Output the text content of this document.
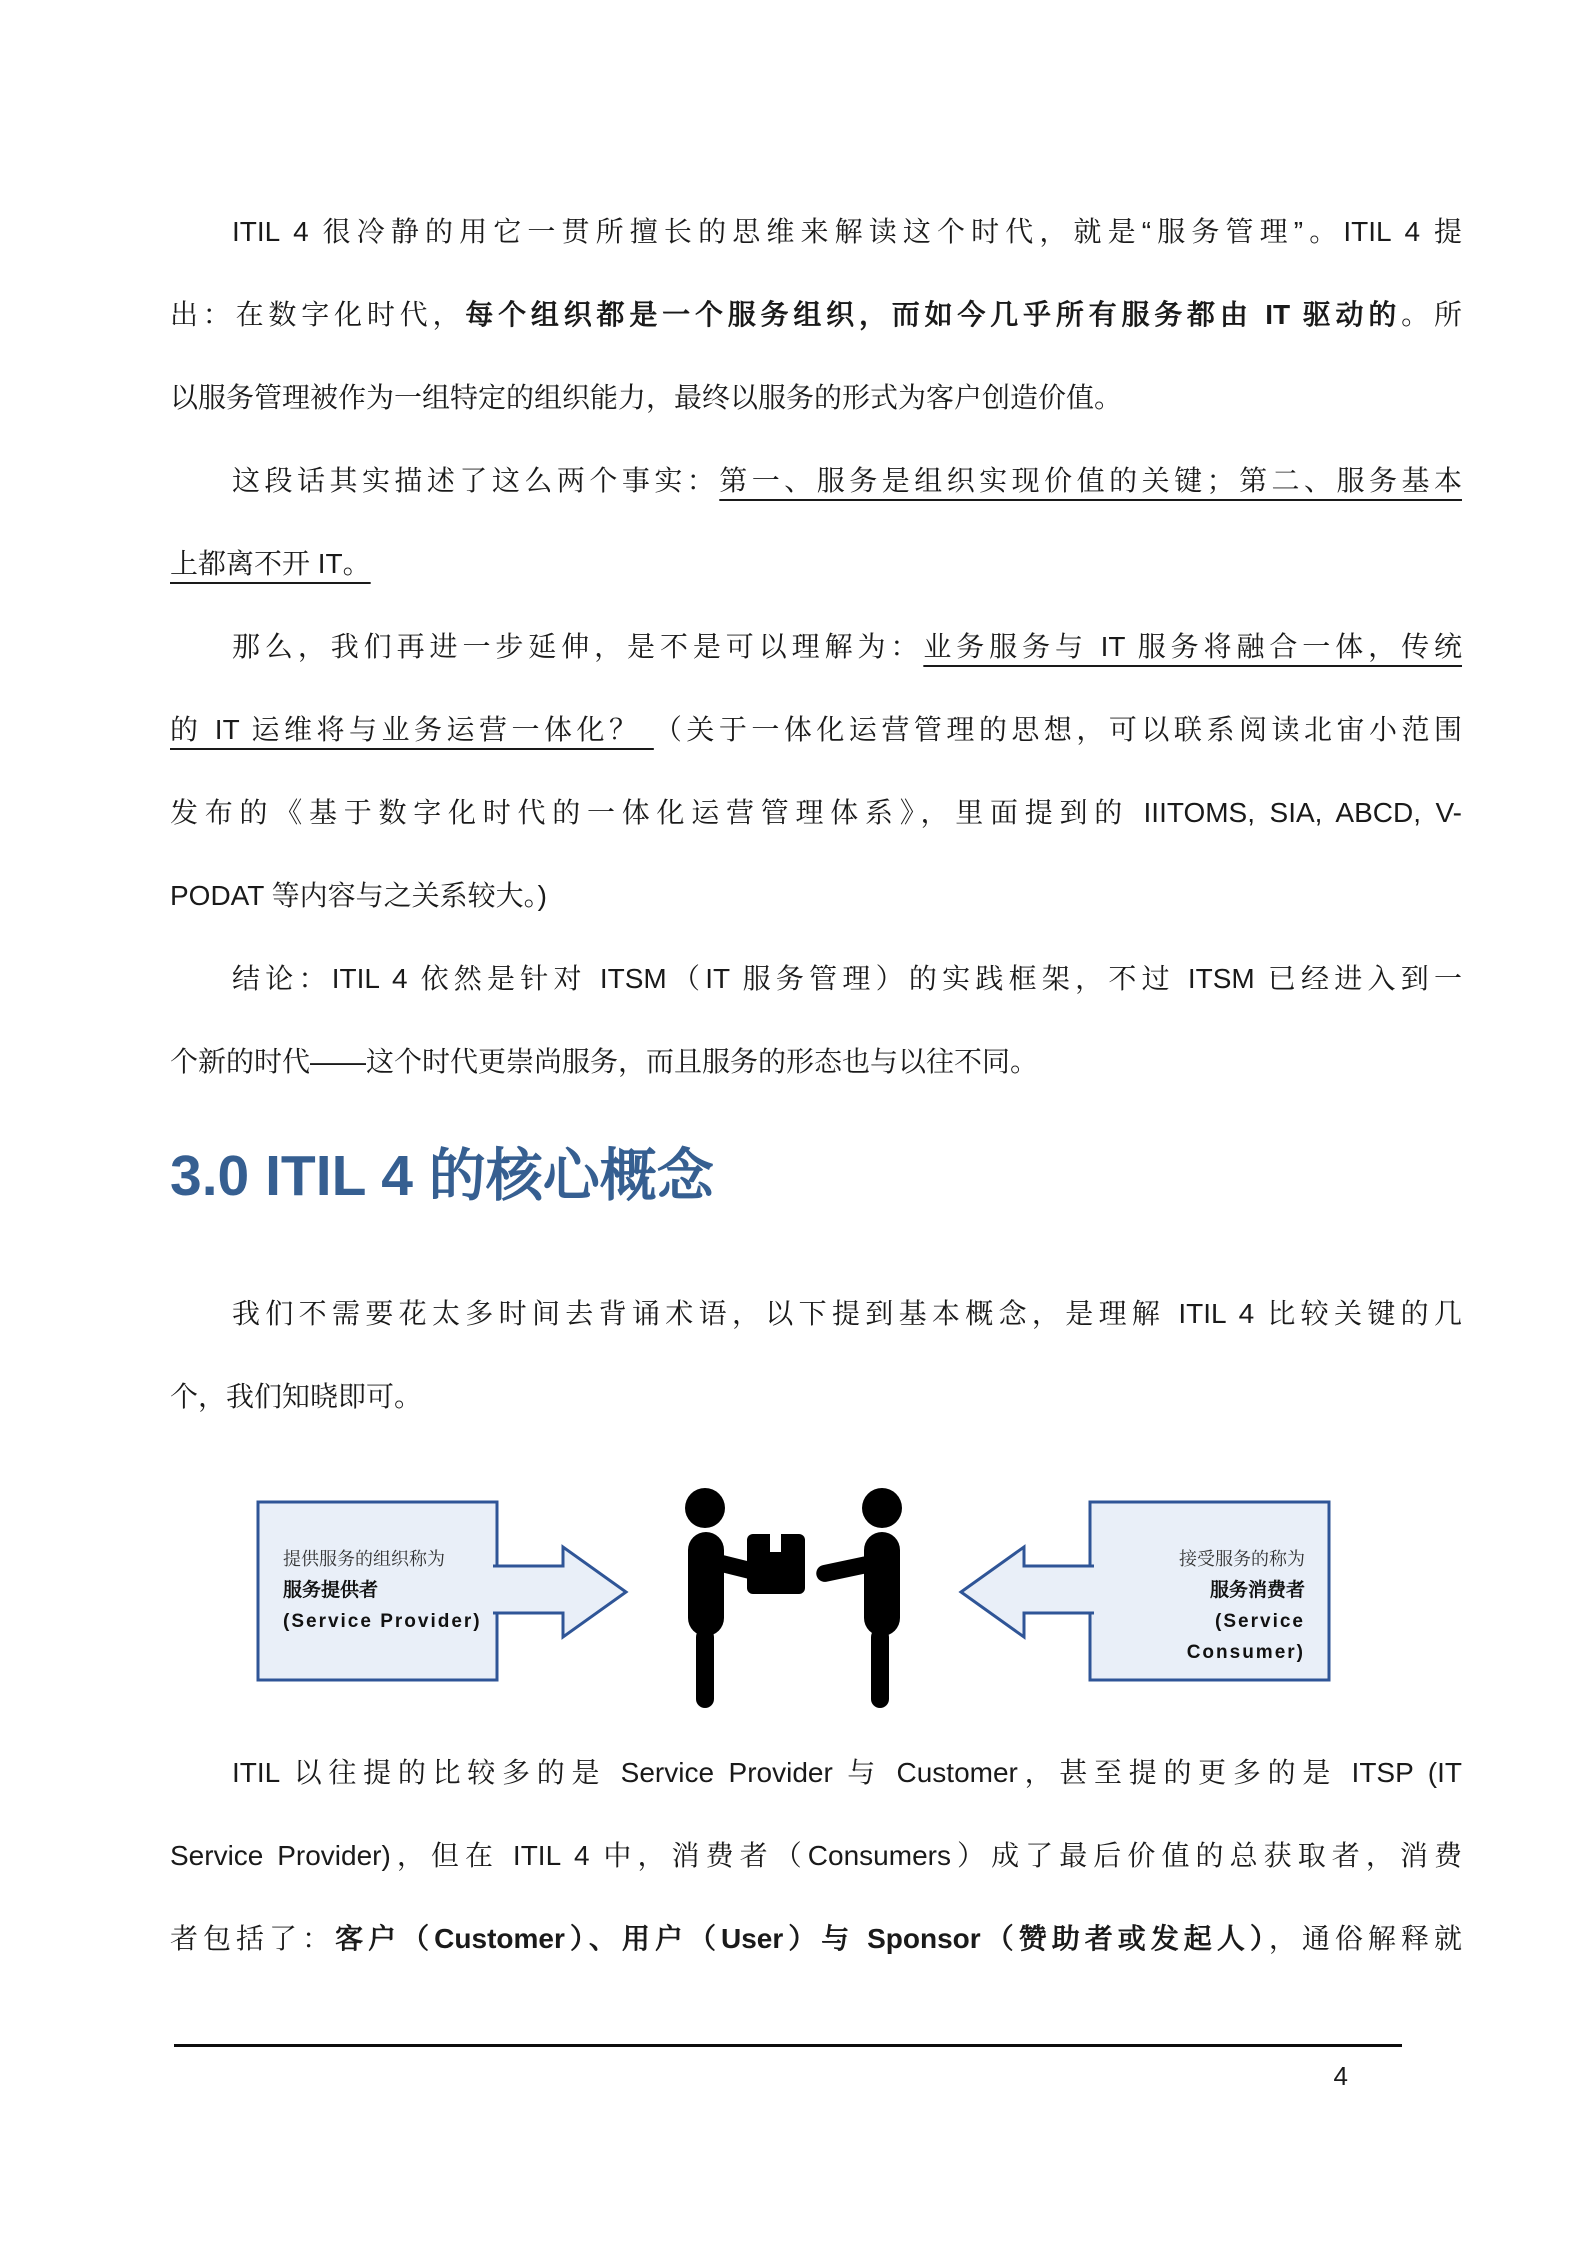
ITIL 4 很冷静的用它一贯所擅长的思维来解读这个时代，就是“服务管理”。ITIL 4 提
出：在数字化时代，每个组织都是一个服务组织，而如今几乎所有服务都由 IT 驱动的。所
以服务管理被作为一组特定的组织能力，最终以服务的形式为客户创造价值。
这段话其实描述了这么两个事实：第一、服务是组织实现价值的关键；第二、服务基本
上都离不开 IT。
那么，我们再进一步延伸，是不是可以理解为：业务服务与 IT 服务将融合一体，传统
的 IT 运维将与业务运营一体化？ （关于一体化运营管理的思想，可以联系阅读北宙小范围
发布的《基于数字化时代的一体化运营管理体系》，里面提到的 IIITOMS, SIA, ABCD, V-
PODAT 等内容与之关系较大。)
结论：ITIL 4 依然是针对 ITSM（IT 服务管理）的实践框架，不过 ITSM 已经进入到一
个新的时代——这个时代更崇尚服务，而且服务的形态也与以往不同。
3.0 ITIL 4 的核心概念
我们不需要花太多时间去背诵术语，以下提到基本概念，是理解 ITIL 4 比较关键的几
个，我们知晓即可。
提供服务的组织称为
服务提供者
(Service Provider)
接受服务的称为
服务消费者
(Service Consumer)
ITIL 以往提的比较多的是 Service Provider 与 Customer，甚至提的更多的是 ITSP (IT
Service Provider)，但在 ITIL 4 中，消费者（Consumers）成了最后价值的总获取者，消费
者包括了：客户（Customer）、用户（User）与 Sponsor（赞助者或发起人），通俗解释就
4
